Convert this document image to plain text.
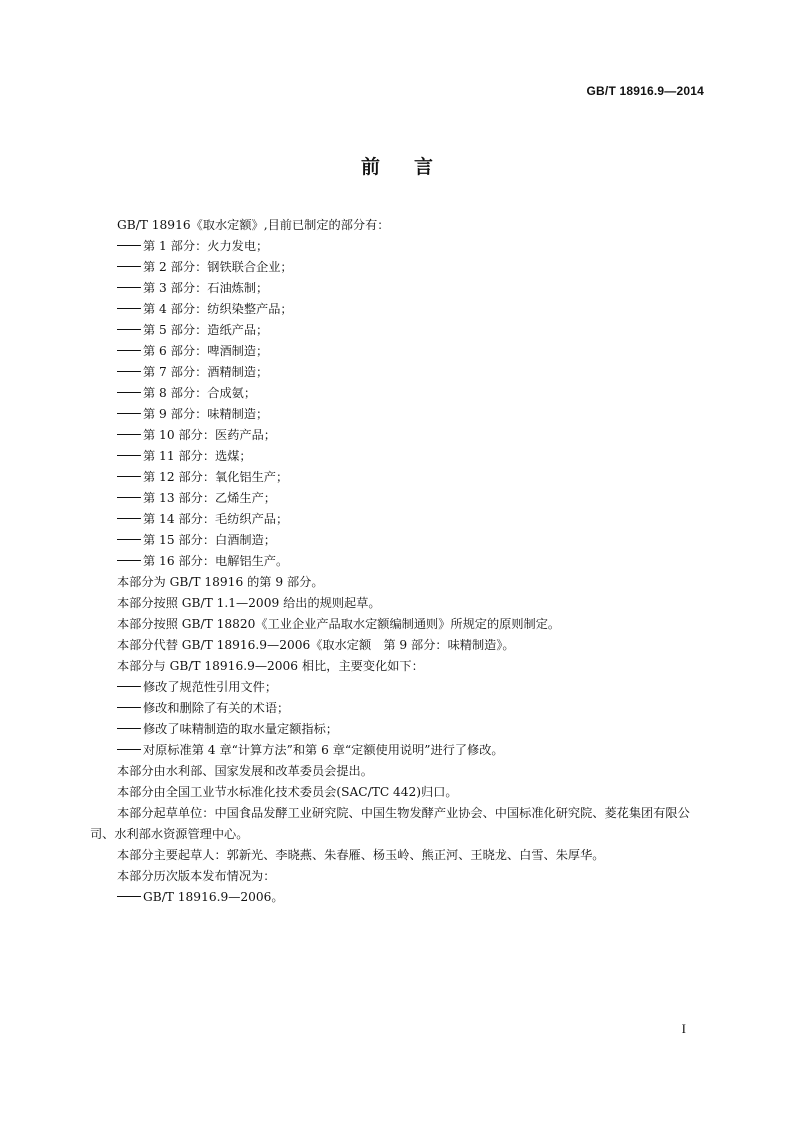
GB/T 18916.9—2014
前言

GB/T 18916《取水定额》,目前已制定的部分有：

第 1 部分：火力发电；

第 2 部分：钢铁联合企业；

第 3 部分：石油炼制；

第 4 部分：纺织染整产品；

第 5 部分：造纸产品；

第 6 部分：啤酒制造；

第 7 部分：酒精制造；

第 8 部分：合成氨；

第 9 部分：味精制造；

第 10 部分：医药产品；

第 11 部分：选煤；

第 12 部分：氧化铝生产；

第 13 部分：乙烯生产；

第 14 部分：毛纺织产品；

第 15 部分：白酒制造；

第 16 部分：电解铝生产。

本部分为 GB/T 18916 的第 9 部分。

本部分按照 GB/T 1.1—2009 给出的规则起草。

本部分按照 GB/T 18820《工业企业产品取水定额编制通则》所规定的原则制定。

本部分代替 GB/T 18916.9—2006《取水定额　第 9 部分：味精制造》。

本部分与 GB/T 18916.9—2006 相比，主要变化如下：

修改了规范性引用文件；

修改和删除了有关的术语；

修改了味精制造的取水量定额指标；

对原标准第 4 章“计算方法”和第 6 章“定额使用说明”进行了修改。

本部分由水利部、国家发展和改革委员会提出。

本部分由全国工业节水标准化技术委员会(SAC/TC 442)归口。

本部分起草单位：中国食品发酵工业研究院、中国生物发酵产业协会、中国标准化研究院、菱花集团有限公司、水利部水资源管理中心。

本部分主要起草人：郭新光、李晓燕、朱春雁、杨玉岭、熊正河、王晓龙、白雪、朱厚华。

本部分历次版本发布情况为：

GB/T 18916.9—2006。

I
